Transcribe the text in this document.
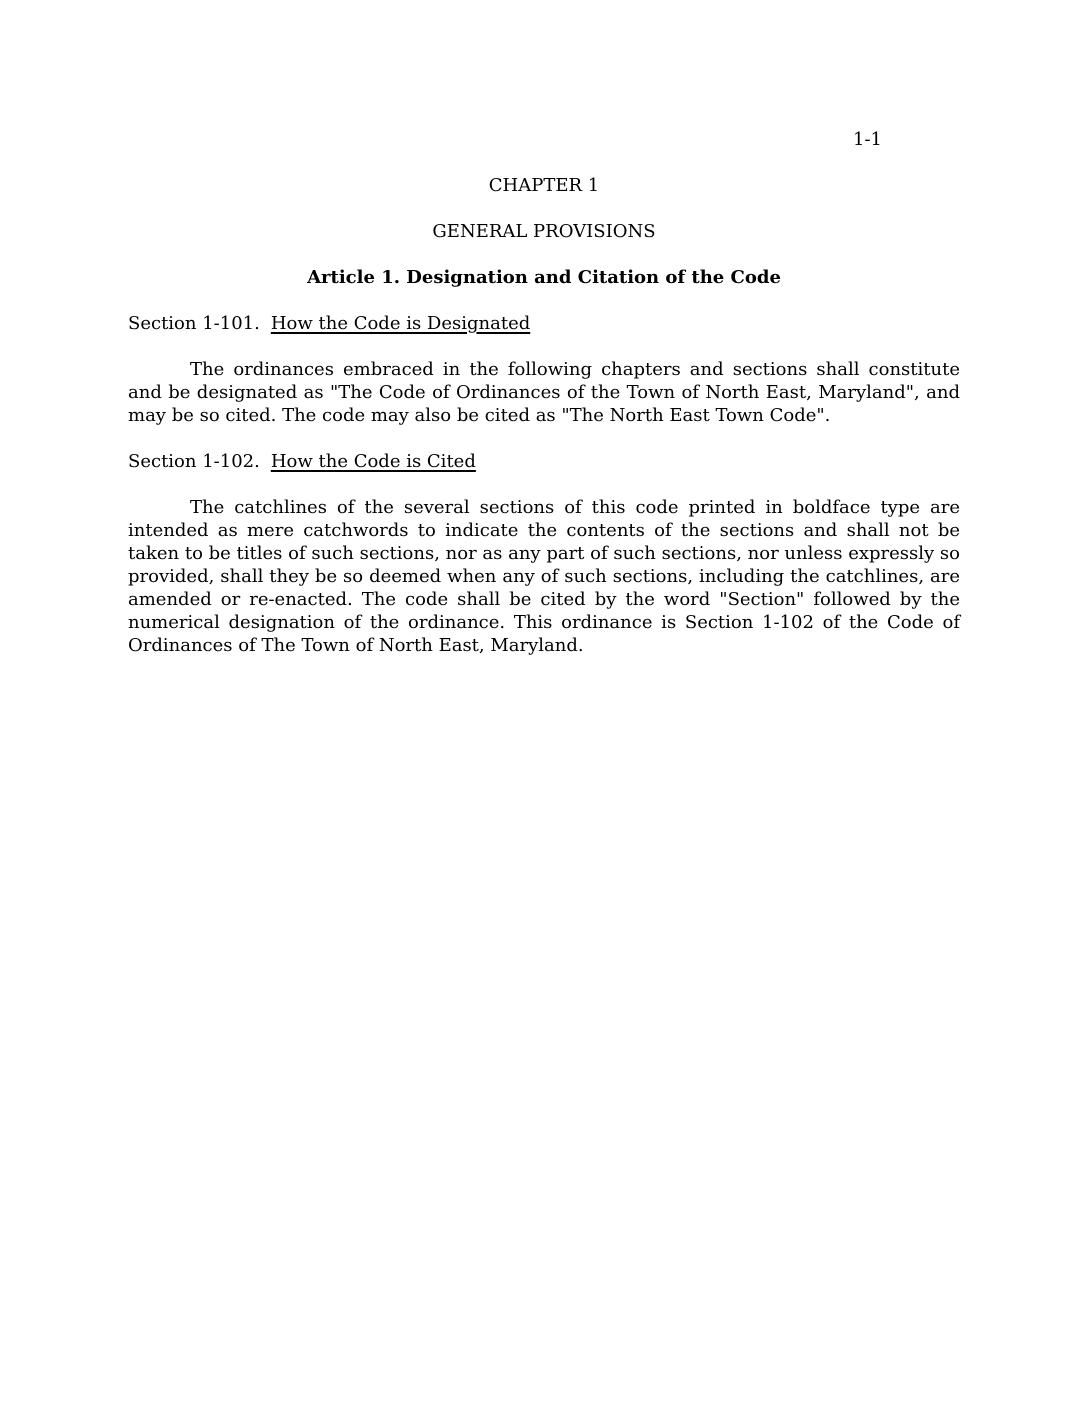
1-1
CHAPTER 1
GENERAL PROVISIONS
Article 1. Designation and Citation of the Code
Section 1-101. How the Code is Designated

The ordinances embraced in the following chapters and sections shall constitute and be designated as "The Code of Ordinances of the Town of North East, Maryland", and may be so cited. The code may also be cited as "The North East Town Code".

Section 1-102. How the Code is Cited

The catchlines of the several sections of this code printed in boldface type are intended as mere catchwords to indicate the contents of the sections and shall not be taken to be titles of such sections, nor as any part of such sections, nor unless expressly so provided, shall they be so deemed when any of such sections, including the catchlines, are amended or re-enacted. The code shall be cited by the word "Section" followed by the numerical designation of the ordinance. This ordinance is Section 1-102 of the Code of Ordinances of The Town of North East, Maryland.
